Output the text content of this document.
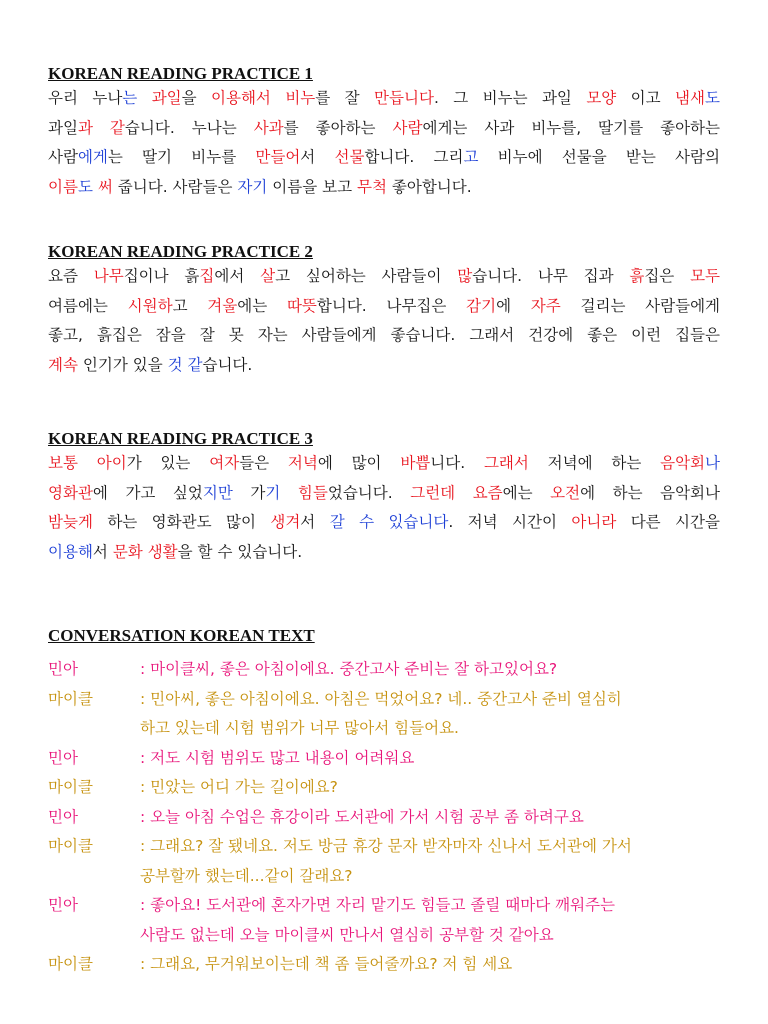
KOREAN READING PRACTICE 1
우리 누나는 과일을 이용해서 비누를 잘 만듭니다. 그 비누는 과일 모양 이고 냄새도
과일과 같습니다. 누나는 사과를 좋아하는 사람에게는 사과 비누를, 딸기를 좋아하는
사람에게는 딸기 비누를 만들어서 선물합니다. 그리고 비누에 선물을 받는 사람의
이름도 써 줍니다. 사람들은 자기 이름을 보고 무척 좋아합니다.
KOREAN READING PRACTICE 2
요즘 나무집이나 흙집에서 살고 싶어하는 사람들이 많습니다. 나무 집과 흙집은 모두
여름에는 시원하고 겨울에는 따뜻합니다. 나무집은 감기에 자주 걸리는 사람들에게
좋고, 흙집은 잠을 잘 못 자는 사람들에게 좋습니다. 그래서 건강에 좋은 이런 집들은
계속 인기가 있을 것 같습니다.
KOREAN READING PRACTICE 3
보통 아이가 있는 여자들은 저녁에 많이 바쁩니다. 그래서 저녁에 하는 음악회나
영화관에 가고 싶었지만 가기 힘들었습니다. 그런데 요즘에는 오전에 하는 음악회나
밤늦게 하는 영화관도 많이 생겨서 갈 수 있습니다. 저녁 시간이 아니라 다른 시간을
이용해서 문화 생활을 할 수 있습니다.
CONVERSATION KOREAN TEXT
민아	: 마이클씨, 좋은 아침이에요. 중간고사 준비는 잘 하고있어요?
마이클	: 민아씨, 좋은 아침이에요. 아침은 먹었어요? 네.. 중간고사 준비 열심히
하고 있는데 시험 범위가 너무 많아서 힘들어요.
민아	: 저도 시험 범위도 많고 내용이 어려워요
마이클	: 민았는 어디 가는 길이에요?
민아	: 오늘 아침 수업은 휴강이라 도서관에 가서 시험 공부 좀 하려구요
마이클	: 그래요? 잘 됐네요. 저도 방금 휴강 문자 받자마자 신나서 도서관에 가서
공부할까 했는데...같이 갈래요?
민아	: 좋아요! 도서관에 혼자가면 자리 맡기도 힘들고 졸릴 때마다 깨워주는
사람도 없는데 오늘 마이클씨 만나서 열심히 공부할 것 같아요
마이클	: 그래요, 무거워보이는데 책 좀 들어줄까요? 저 힘 세요
